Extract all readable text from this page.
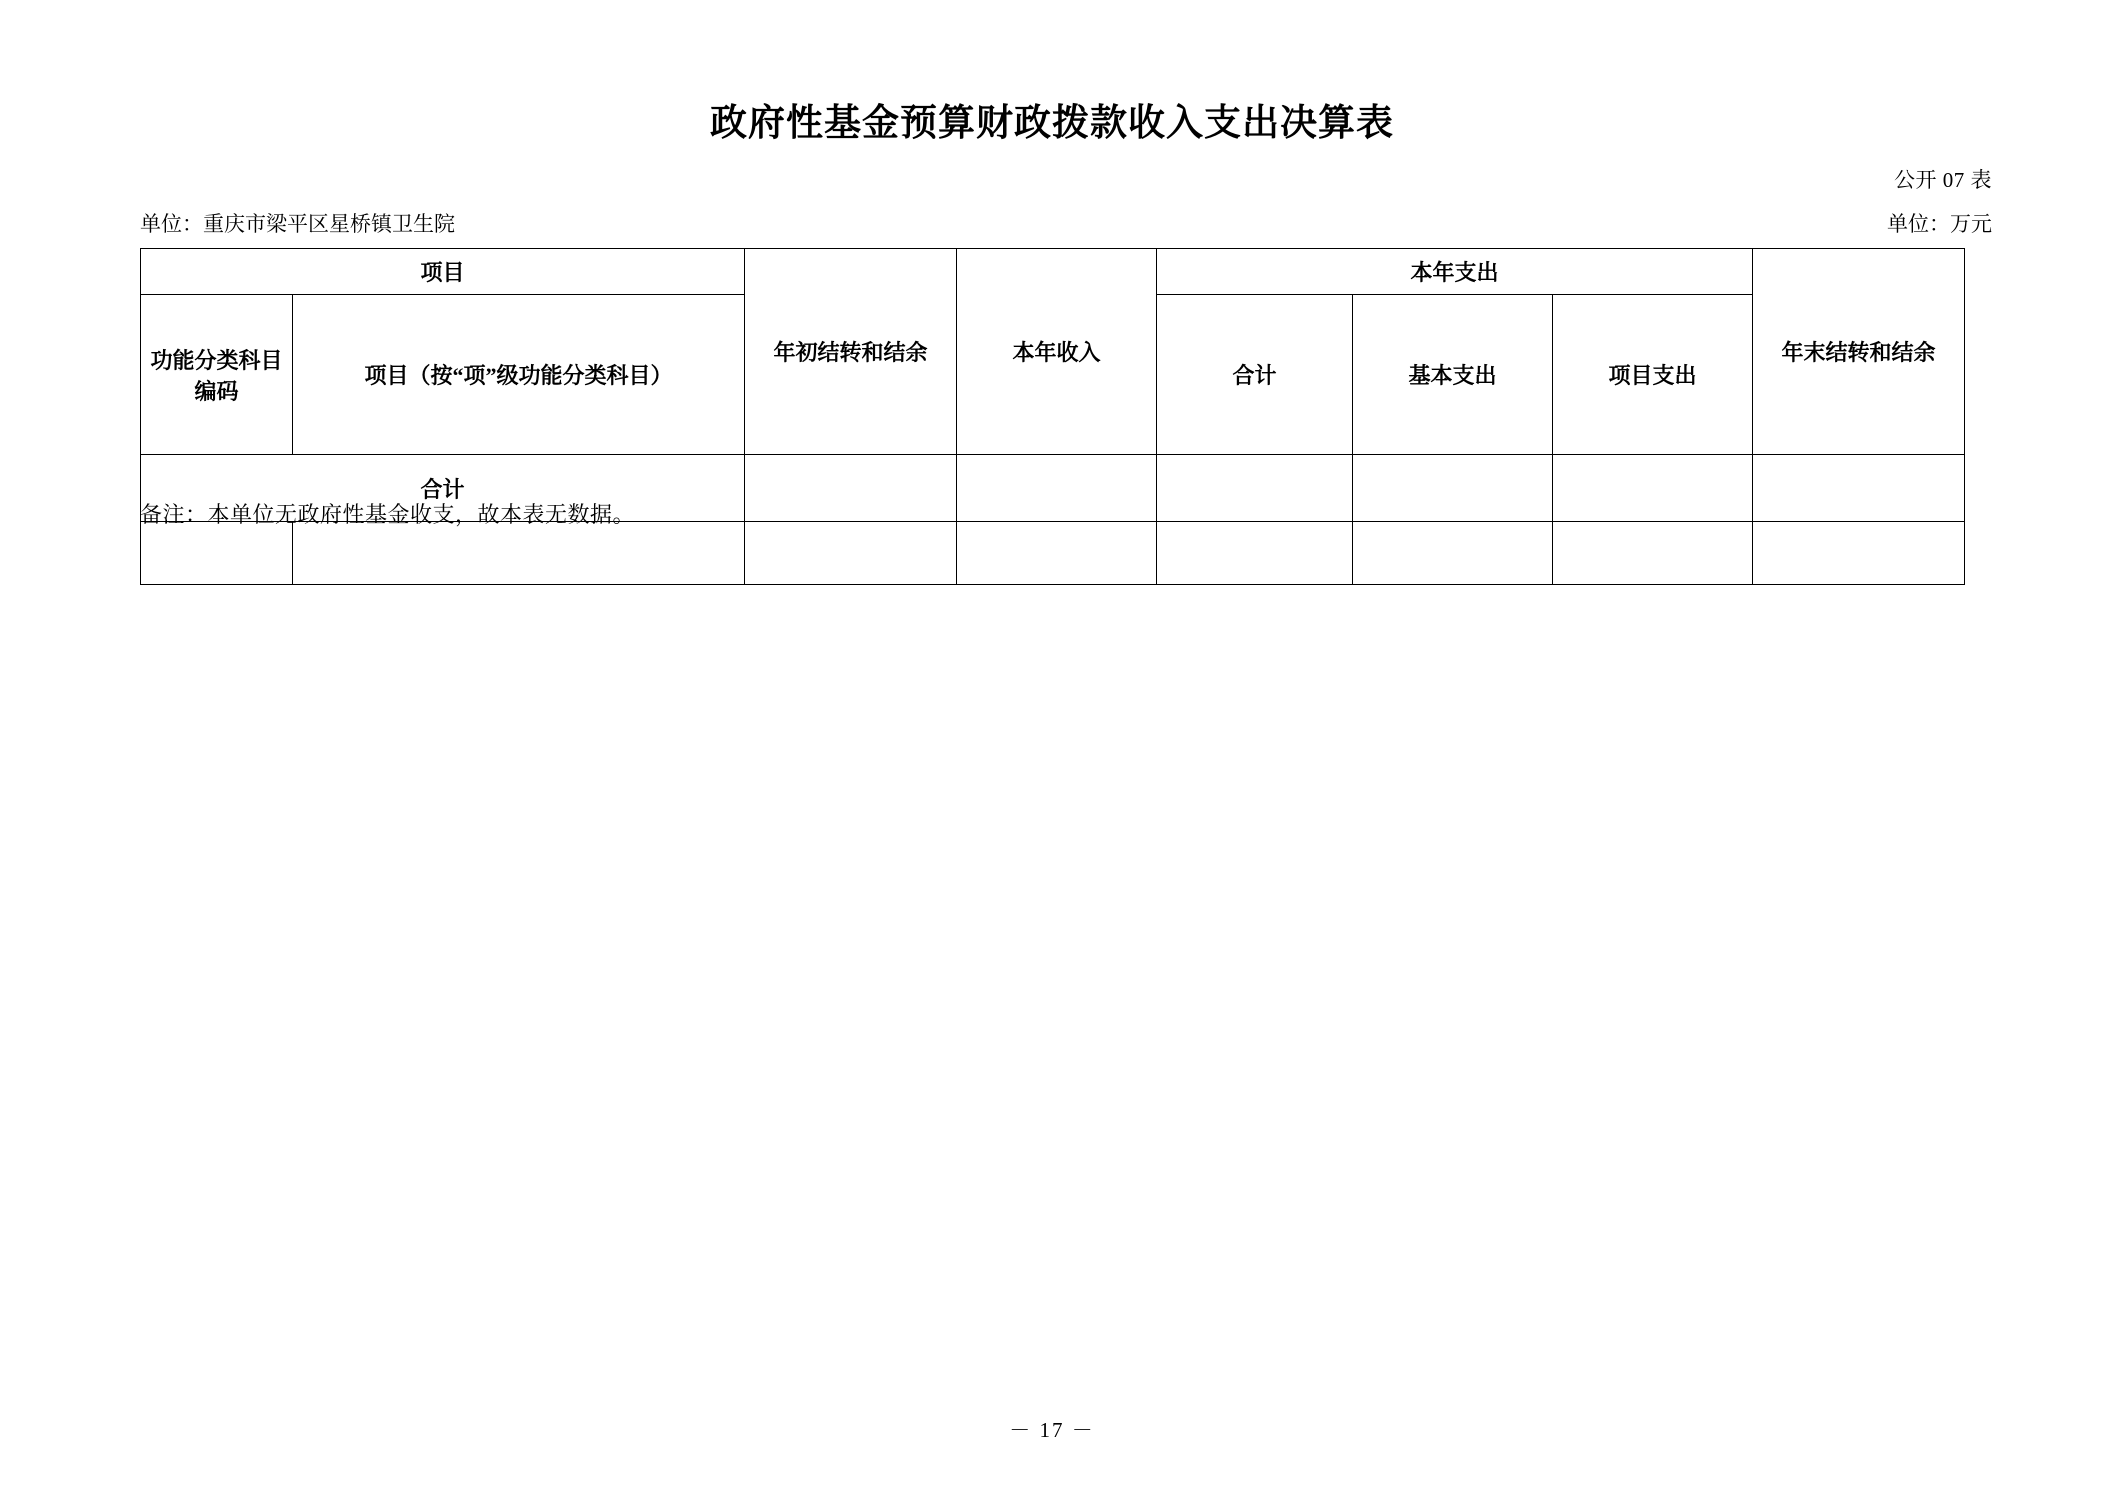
政府性基金预算财政拨款收入支出决算表
公开 07 表
单位：重庆市梁平区星桥镇卫生院	单位：万元
项目		年初结转和结余	本年收入	本年支出			年末结转和结余
功能分类科目编码	项目（按“项”级功能分类科目）			合计	基本支出	项目支出	
合计							

备注：本单位无政府性基金收支，故本表无数据。
－ 17 －
